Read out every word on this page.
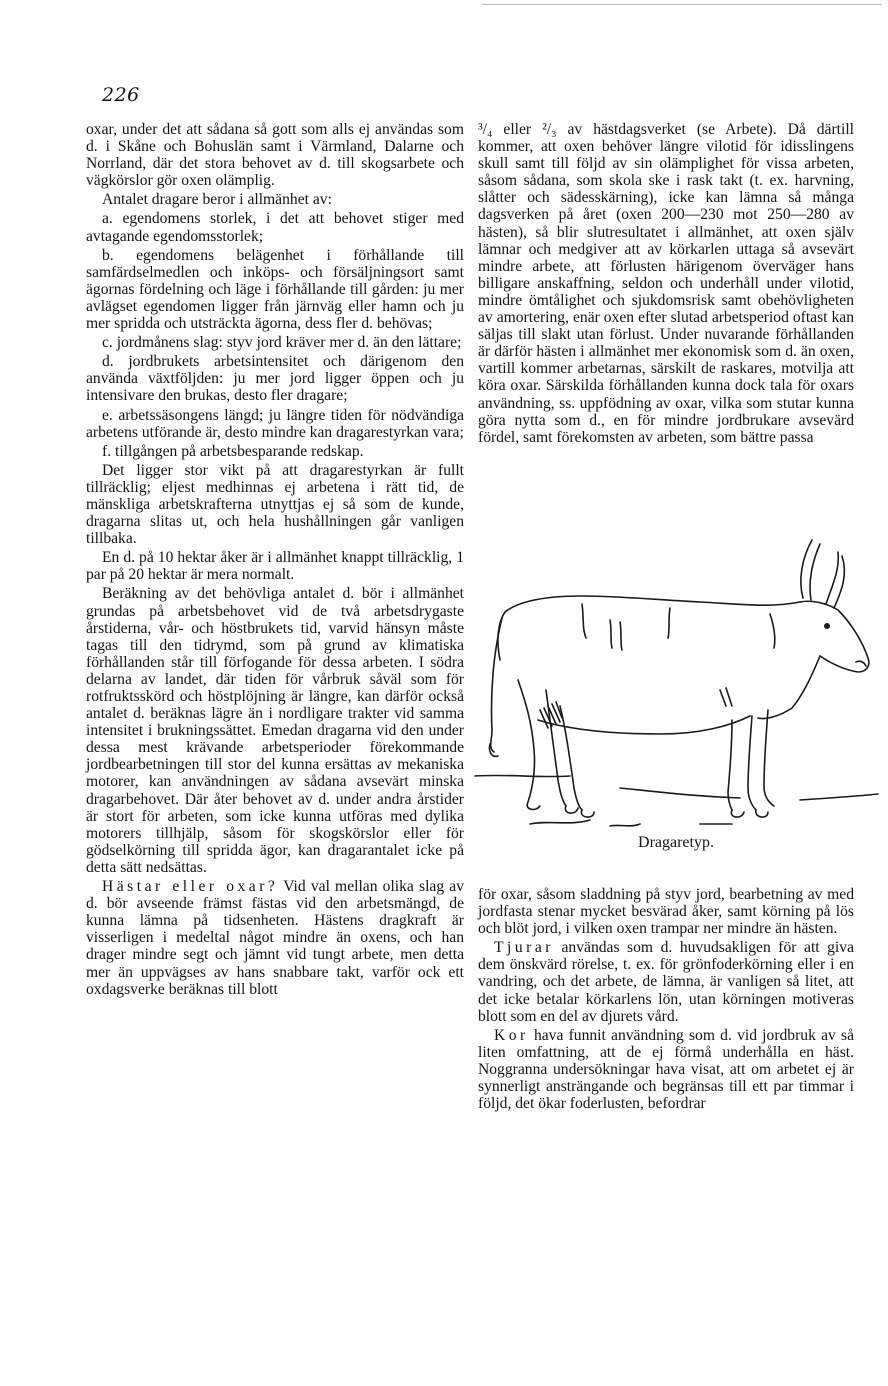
226

oxar, under det att sådana så gott som alls ej användas som d. i Skåne och Bohuslän samt i Värmland, Dalarne och Norrland, där det stora behovet av d. till skogsarbete och vägkörslor gör oxen olämplig.

Antalet dragare beror i allmänhet av:

a. egendomens storlek, i det att behovet stiger med avtagande egendomsstorlek;

b. egendomens belägenhet i förhållande till samfärdselmedlen och inköps- och försäljningsort samt ägornas fördelning och läge i förhållande till gården: ju mer avlägset egendomen ligger från järnväg eller hamn och ju mer spridda och utsträckta ägorna, dess fler d. behövas;

c. jordmånens slag: styv jord kräver mer d. än den lättare;

d. jordbrukets arbetsintensitet och därigenom den använda växtföljden: ju mer jord ligger öppen och ju intensivare den brukas, desto fler dragare;

e. arbetssäsongens längd; ju längre tiden för nödvändiga arbetens utförande är, desto mindre kan dragarestyrkan vara;

f. tillgången på arbetsbesparande redskap.

Det ligger stor vikt på att dragarestyrkan är fullt tillräcklig; eljest medhinnas ej arbetena i rätt tid, de mänskliga arbetskrafterna utnyttjas ej så som de kunde, dragarna slitas ut, och hela hushållningen går vanligen tillbaka.

En d. på 10 hektar åker är i allmänhet knappt tillräcklig, 1 par på 20 hektar är mera normalt.

Beräkning av det behövliga antalet d. bör i allmänhet grundas på arbetsbehovet vid de två arbetsdrygaste årstiderna, vår- och höstbrukets tid, varvid hänsyn måste tagas till den tidrymd, som på grund av klimatiska förhållanden står till förfogande för dessa arbeten. I södra delarna av landet, där tiden för vårbruk såväl som för rotfruktsskörd och höstplöjning är längre, kan därför också antalet d. beräknas lägre än i nordligare trakter vid samma intensitet i brukningssättet. Emedan dragarna vid den under dessa mest krävande arbetsperioder förekommande jordbearbetningen till stor del kunna ersättas av mekaniska motorer, kan användningen av sådana avsevärt minska dragarbehovet. Där åter behovet av d. under andra årstider är stort för arbeten, som icke kunna utföras med dylika motorers tillhjälp, såsom för skogskörslor eller för gödselkörning till spridda ägor, kan dragarantalet icke på detta sätt nedsättas.

Hästar eller oxar? Vid val mellan olika slag av d. bör avseende främst fästas vid den arbetsmängd, de kunna lämna på tidsenheten. Hästens dragkraft är visserligen i medeltal något mindre än oxens, och han drager mindre segt och jämnt vid tungt arbete, men detta mer än uppvägses av hans snabbare takt, varför ock ett oxdagsverke beräknas till blott

³/₄ eller ²/₃ av hästdagsverket (se Arbete). Då därtill kommer, att oxen behöver längre vilotid för idisslingens skull samt till följd av sin olämplighet för vissa arbeten, såsom sådana, som skola ske i rask takt (t. ex. harvning, slåtter och sädesskärning), icke kan lämna så många dagsverken på året (oxen 200—230 mot 250—280 av hästen), så blir slutresultatet i allmänhet, att oxen själv lämnar och medgiver att av körkarlen uttaga så avsevärt mindre arbete, att förlusten härigenom överväger hans billigare anskaffning, seldon och underhåll under vilotid, mindre ömtålighet och sjukdomsrisk samt obehövligheten av amortering, enär oxen efter slutad arbetsperiod oftast kan säljas till slakt utan förlust. Under nuvarande förhållanden är därför hästen i allmänhet mer ekonomisk som d. än oxen, vartill kommer arbetarnas, särskilt de raskares, motvilja att köra oxar. Särskilda förhållanden kunna dock tala för oxars användning, ss. uppfödning av oxar, vilka som stutar kunna göra nytta som d., en för mindre jordbrukare avsevärd fördel, samt förekomsten av arbeten, som bättre passa

Dragaretyp.

för oxar, såsom sladdning på styv jord, bearbetning av med jordfasta stenar mycket besvärad åker, samt körning på lös och blöt jord, i vilken oxen trampar ner mindre än hästen.

Tjurar användas som d. huvudsakligen för att giva dem önskvärd rörelse, t. ex. för grönfoderkörning eller i en vandring, och det arbete, de lämna, är vanligen så litet, att det icke betalar körkarlens lön, utan körningen motiveras blott som en del av djurets vård.

Kor hava funnit användning som d. vid jordbruk av så liten omfattning, att de ej förmå underhålla en häst. Noggranna undersökningar hava visat, att om arbetet ej är synnerligt ansträngande och begränsas till ett par timmar i följd, det ökar foderlusten, befordrar
